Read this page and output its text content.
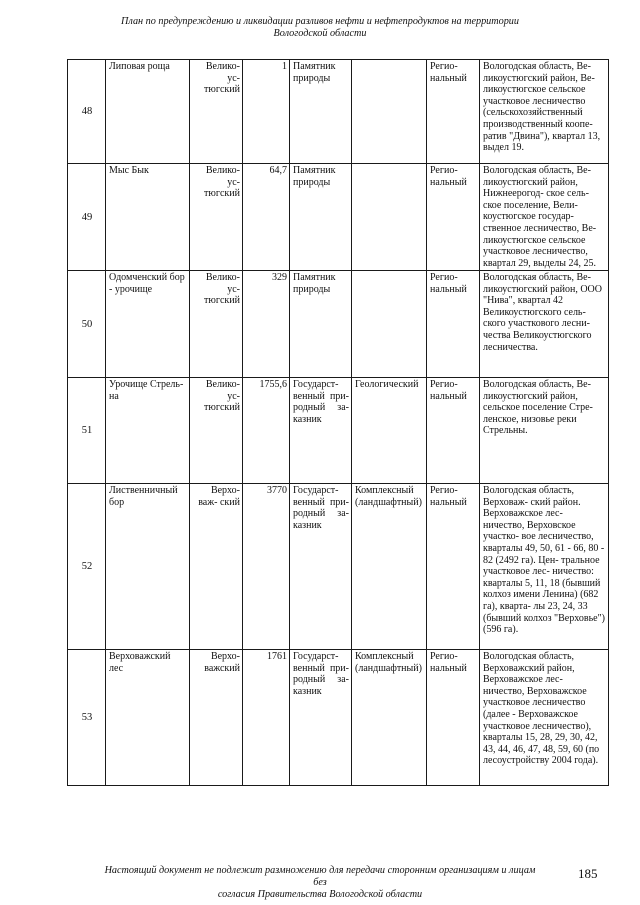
План по предупреждению и ликвидации разливов нефти и нефтепродуктов на территории
Вологодской области
48	Липовая роща	Велико- ус- тюгский	1	Памятник природы		Регио- нальный	Вологодская область, Ве- ликоустюгский район, Ве- ликоустюгское сельское участковое лесничество (сельскохозяйственный производственный коопе- ратив "Двина"), квартал 13, выдел 19.
49	Мыс Бык	Велико- ус- тюгский	64,7	Памятник природы		Регио- нальный	Вологодская область, Ве- ликоустюгский район, Нижнеерогод- ское сель- ское поселение, Вели- коустюгское государ- ственное лесничество, Ве- ликоустюгское сельское участковое лесничество, квартал 29, выделы 24, 25.
50	Одомченский бор - урочище	Велико- ус- тюгский	329	Памятник природы		Регио- нальный	Вологодская область, Ве- ликоустюгский район, ООО "Нива", квартал 42 Великоустюгского сель- ского участкового лесни- чества Великоустюгского лесничества.
51	Урочище Стрель- на	Велико- ус- тюгский	1755,6	Государст- венный при- родный за- казник	Геологический	Регио- нальный	Вологодская область, Ве- ликоустюгский район, сельское поселение Стре- ленское, низовье реки Стрельны.
52	Лиственничный бор	Верхо- важ- ский	3770	Государст- венный при- родный за- казник	Комплексный (ландшафтный)	Регио- нальный	Вологодская область, Верховаж- ский район. Верховажское лес- ничество, Верховское участко- вое лесничество, кварталы 49, 50, 61 - 66, 80 - 82 (2492 га). Цен- тральное участковое лес- ничество: кварталы 5, 11, 18 (бывший колхоз имени Ленина) (682 га), кварта- лы 23, 24, 33 (бывший колхоз "Верховье") (596 га).
53	Верховажский лес	Верхо- важский	1761	Государст- венный при- родный за- казник	Комплексный (ландшафтный)	Регио- нальный	Вологодская область, Верховажский район, Верховажское лес- ничество, Верховажское участковое лесничество (далее - Верховажское участковое лесничество), кварталы 15, 28, 29, 30, 42, 43, 44, 46, 47, 48, 59, 60 (по лесоустройству 2004 года).
Настоящий документ не подлежит размножению для передачи сторонним организациям и лицам без
согласия Правительства Вологодской области
185
